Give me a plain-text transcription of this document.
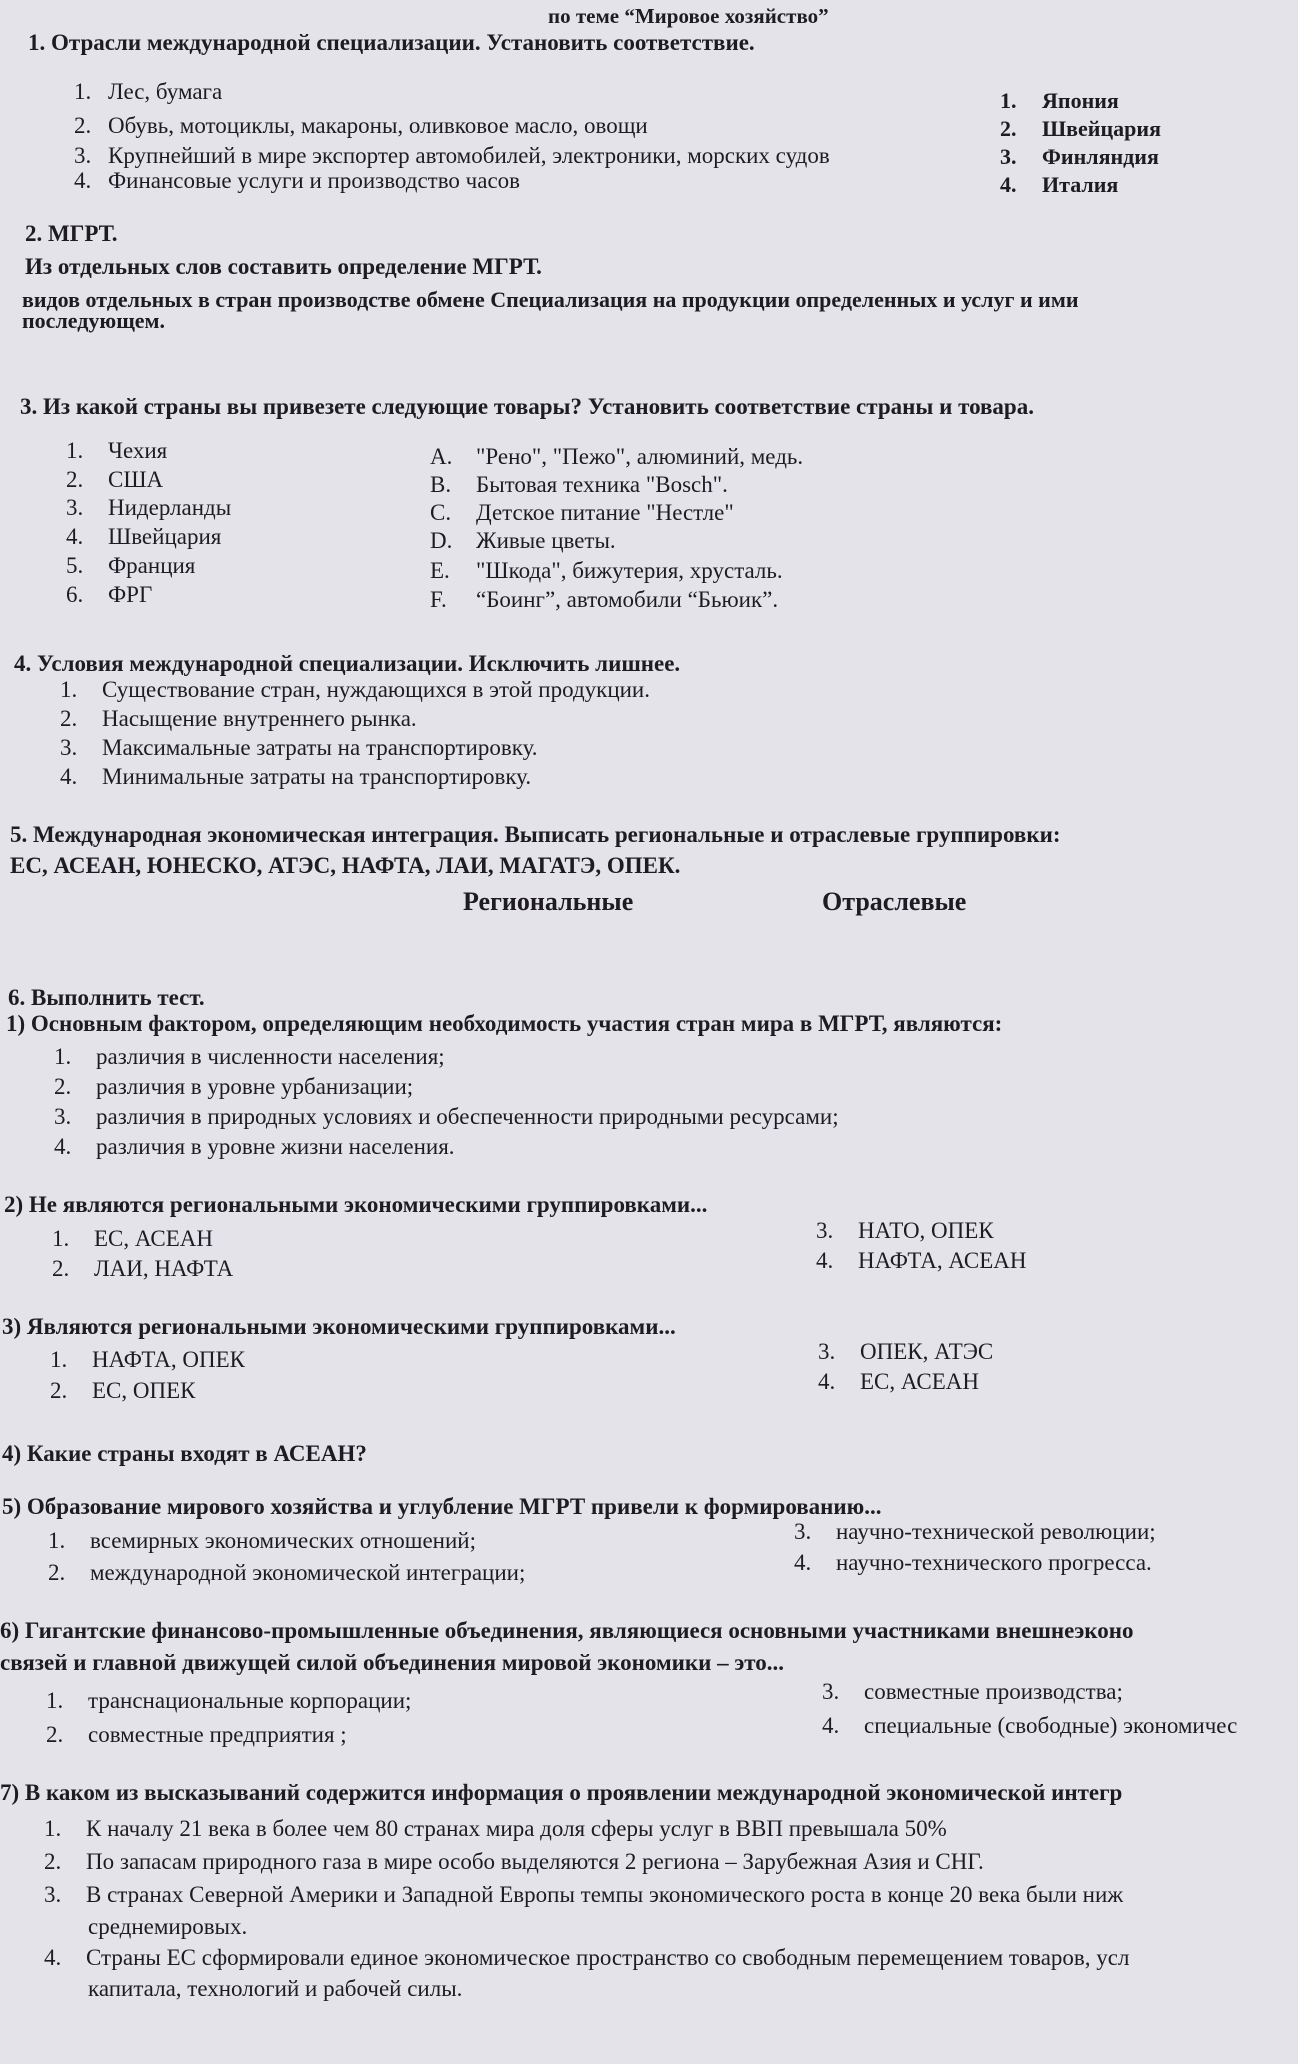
по теме “Мировое хозяйство”
1. Отрасли международной специализации. Установить соответствие.
1. Лес, бумага
2. Обувь, мотоциклы, макароны, оливковое масло, овощи
3. Крупнейший в мире экспортер автомобилей, электроники, морских судов
4. Финансовые услуги и производство часов
1. Япония
2. Швейцария
3. Финляндия
4. Италия
2. МГРТ.
Из отдельных слов составить определение МГРТ.
видов отдельных в стран производстве обмене Специализация на продукции определенных и услуг и ими
последующем.
3. Из какой страны вы привезете следующие товары? Установить соответствие страны и товара.
1. Чехия
2. США
3. Нидерланды
4. Швейцария
5. Франция
6. ФРГ
A. "Рено", "Пежо", алюминий, медь.
B. Бытовая техника "Bosch".
C. Детское питание "Нестле"
D. Живые цветы.
E. "Шкода", бижутерия, хрусталь.
F. “Боинг”, автомобили “Бьюик”.
4. Условия международной специализации. Исключить лишнее.
1. Существование стран, нуждающихся в этой продукции.
2. Насыщение внутреннего рынка.
3. Максимальные затраты на транспортировку.
4. Минимальные затраты на транспортировку.
5. Международная экономическая интеграция. Выписать региональные и отраслевые группировки:
ЕС, АСЕАН, ЮНЕСКО, АТЭС, НАФТА, ЛАИ, МАГАТЭ, ОПЕК.
Региональные	Отраслевые
6. Выполнить тест.
1) Основным фактором, определяющим необходимость участия стран мира в МГРТ, являются:
1. различия в численности населения;
2. различия в уровне урбанизации;
3. различия в природных условиях и обеспеченности природными ресурсами;
4. различия в уровне жизни населения.
2) Не являются региональными экономическими группировками...
1. ЕС, АСЕАН
2. ЛАИ, НАФТА
3. НАТО, ОПЕК
4. НАФТА, АСЕАН
3) Являются региональными экономическими группировками...
1. НАФТА, ОПЕК
2. ЕС, ОПЕК
3. ОПЕК, АТЭС
4. ЕС, АСЕАН
4) Какие страны входят в АСЕАН?
5) Образование мирового хозяйства и углубление МГРТ привели к формированию...
1. всемирных экономических отношений;
2. международной экономической интеграции;
3. научно-технической революции;
4. научно-технического прогресса.
6) Гигантские финансово-промышленные объединения, являющиеся основными участниками внешнеэконо
связей и главной движущей силой объединения мировой экономики – это...
1. транснациональные корпорации;
2. совместные предприятия ;
3. совместные производства;
4. специальные (свободные) экономичес
7) В каком из высказываний содержится информация о проявлении международной экономической интегр
1. К началу 21 века в более чем 80 странах мира доля сферы услуг в ВВП превышала 50%
2. По запасам природного газа в мире особо выделяются 2 региона – Зарубежная Азия и СНГ.
3. В странах Северной Америки и Западной Европы темпы экономического роста в конце 20 века были ниж
среднемировых.
4. Страны ЕС сформировали единое экономическое пространство со свободным перемещением товаров, усл
капитала, технологий и рабочей силы.
